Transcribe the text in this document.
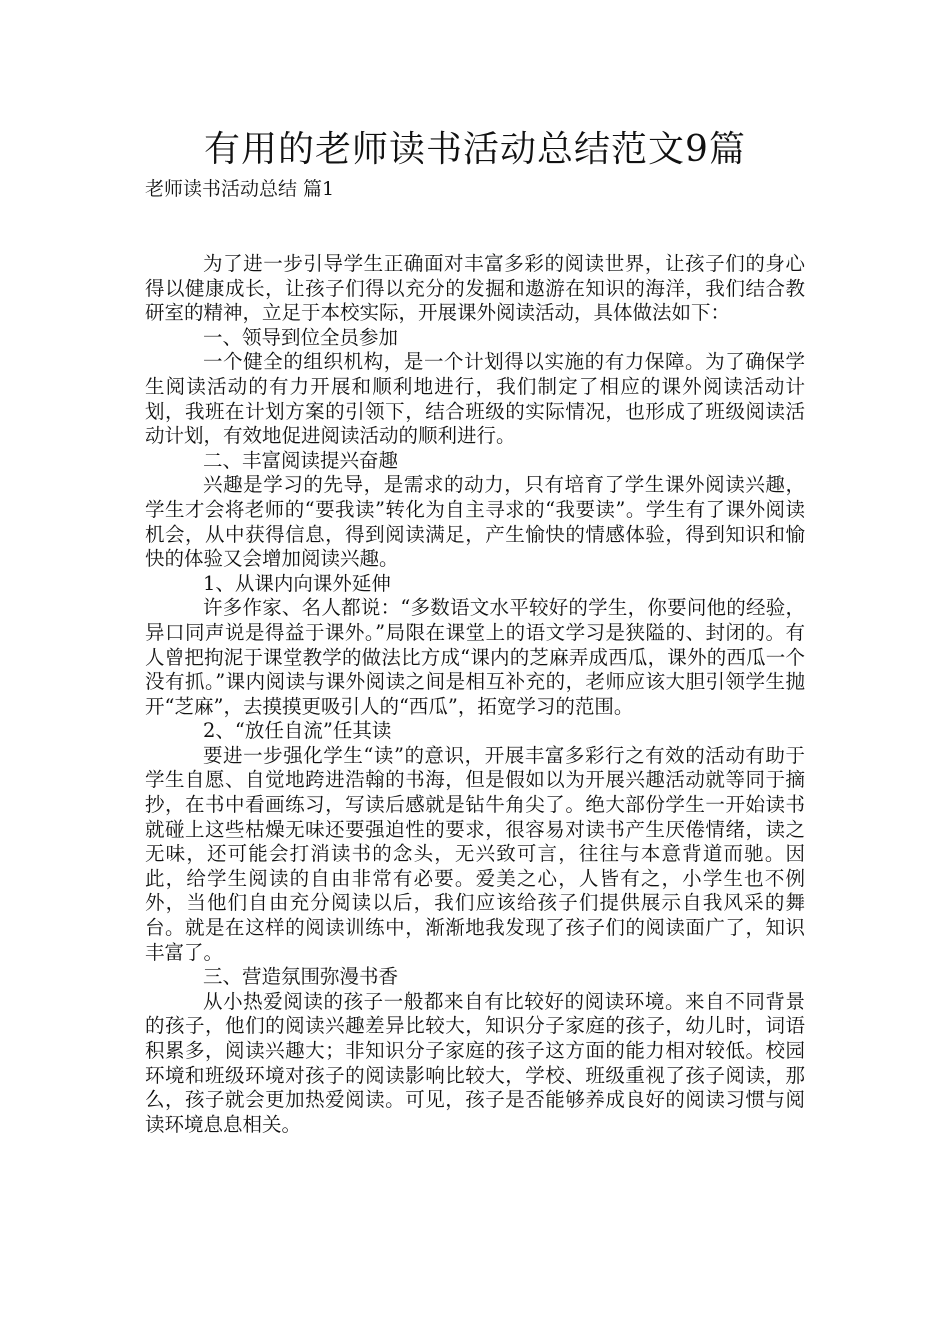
有用的老师读书活动总结范文9篇
老师读书活动总结 篇1

为了进一步引导学生正确面对丰富多彩的阅读世界，让孩子们的身心得以健康成长，让孩子们得以充分的发掘和遨游在知识的海洋，我们结合教研室的精神，立足于本校实际，开展课外阅读活动，具体做法如下：

一、领导到位全员参加

一个健全的组织机构，是一个计划得以实施的有力保障。为了确保学生阅读活动的有力开展和顺利地进行，我们制定了相应的课外阅读活动计划，我班在计划方案的引领下，结合班级的实际情况，也形成了班级阅读活动计划，有效地促进阅读活动的顺利进行。

二、丰富阅读提兴奋趣

兴趣是学习的先导，是需求的动力，只有培育了学生课外阅读兴趣，学生才会将老师的“要我读”转化为自主寻求的“我要读”。学生有了课外阅读机会，从中获得信息，得到阅读满足，产生愉快的情感体验，得到知识和愉快的体验又会增加阅读兴趣。

1、从课内向课外延伸

许多作家、名人都说：“多数语文水平较好的学生，你要问他的经验，异口同声说是得益于课外。”局限在课堂上的语文学习是狭隘的、封闭的。有人曾把拘泥于课堂教学的做法比方成“课内的芝麻弄成西瓜，课外的西瓜一个没有抓。”课内阅读与课外阅读之间是相互补充的，老师应该大胆引领学生抛开“芝麻”，去摸摸更吸引人的“西瓜”，拓宽学习的范围。

2、“放任自流”任其读

要进一步强化学生“读”的意识，开展丰富多彩行之有效的活动有助于学生自愿、自觉地跨进浩翰的书海，但是假如以为开展兴趣活动就等同于摘抄，在书中看画练习，写读后感就是钻牛角尖了。绝大部份学生一开始读书就碰上这些枯燥无味还要强迫性的要求，很容易对读书产生厌倦情绪，读之无味，还可能会打消读书的念头，无兴致可言，往往与本意背道而驰。因此，给学生阅读的自由非常有必要。爱美之心，人皆有之，小学生也不例外，当他们自由充分阅读以后，我们应该给孩子们提供展示自我风采的舞台。就是在这样的阅读训练中，渐渐地我发现了孩子们的阅读面广了，知识丰富了。

三、营造氛围弥漫书香

从小热爱阅读的孩子一般都来自有比较好的阅读环境。来自不同背景的孩子，他们的阅读兴趣差异比较大，知识分子家庭的孩子，幼儿时，词语积累多，阅读兴趣大；非知识分子家庭的孩子这方面的能力相对较低。校园环境和班级环境对孩子的阅读影响比较大，学校、班级重视了孩子阅读，那么，孩子就会更加热爱阅读。可见，孩子是否能够养成良好的阅读习惯与阅读环境息息相关。
